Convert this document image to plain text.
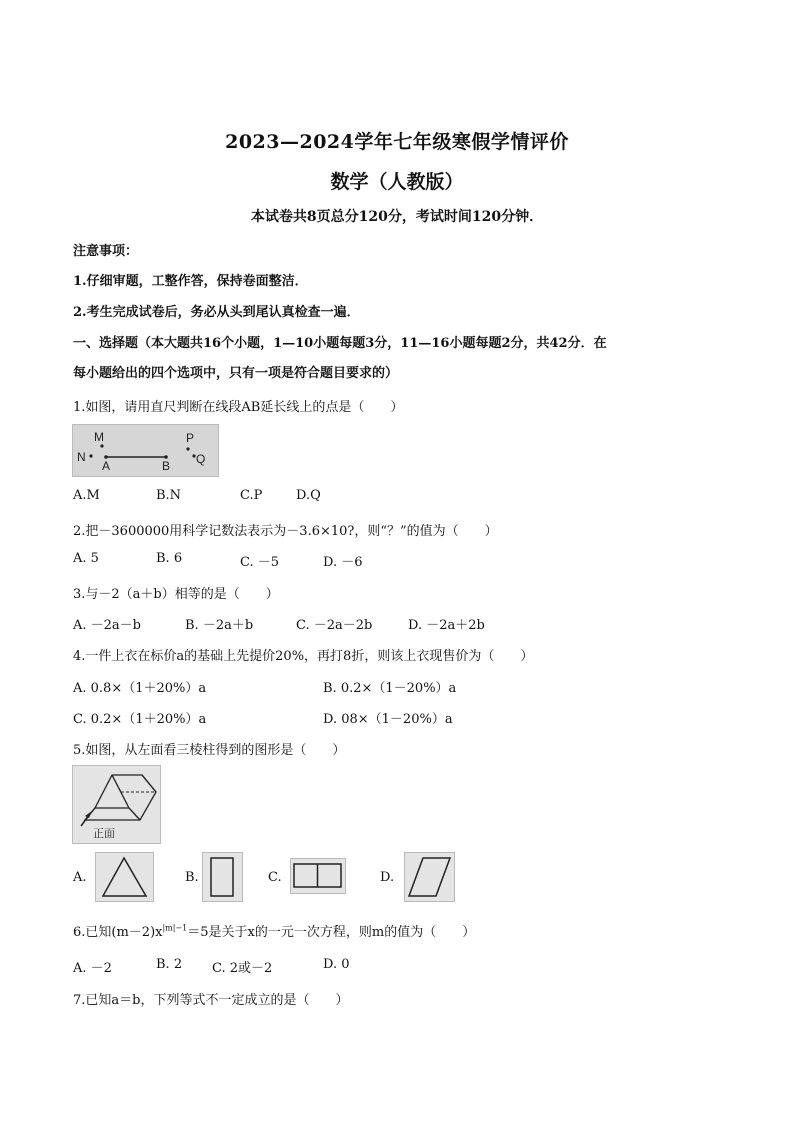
2023—2024学年七年级寒假学情评价
数学（人教版）
本试卷共8页总分120分，考试时间120分钟．
注意事项：
1.仔细审题，工整作答，保持卷面整洁．
2.考生完成试卷后，务必从头到尾认真检查一遍．
一、选择题（本大题共16个小题，1—10小题每题3分，11—16小题每题2分，共42分．在
每小题给出的四个选项中，只有一项是符合题目要求的）
1.如图，请用直尺判断在线段AB延长线上的点是（　　）
M
N
A	B
P
Q
A.M	B.N	C.P	D.Q
2.把－3600000用科学记数法表示为－3.6×10?，则“？”的值为（　　）
A. 5	B. 6	C. －5	D. －6
3.与－2（a＋b）相等的是（　　）
A. －2a－b	B. －2a＋b	C. －2a－2b	D. －2a＋2b
4.一件上衣在标价a的基础上先提价20%，再打8折，则该上衣现售价为（　　）
A. 0.8×（1＋20%）a	B. 0.2×（1－20%）a
C. 0.2×（1＋20%）a	D. 08×（1－20%）a
5.如图，从左面看三棱柱得到的图形是（　　）
正面
A.	B.	C.	D.
6.已知$(m-2)x^{|m|-1}=5$是关于x的一元一次方程，则m的值为（　　）
A. －2	B. 2 C. 2或－2	D. 0
7.已知a＝b，下列等式不一定成立的是（　　）
